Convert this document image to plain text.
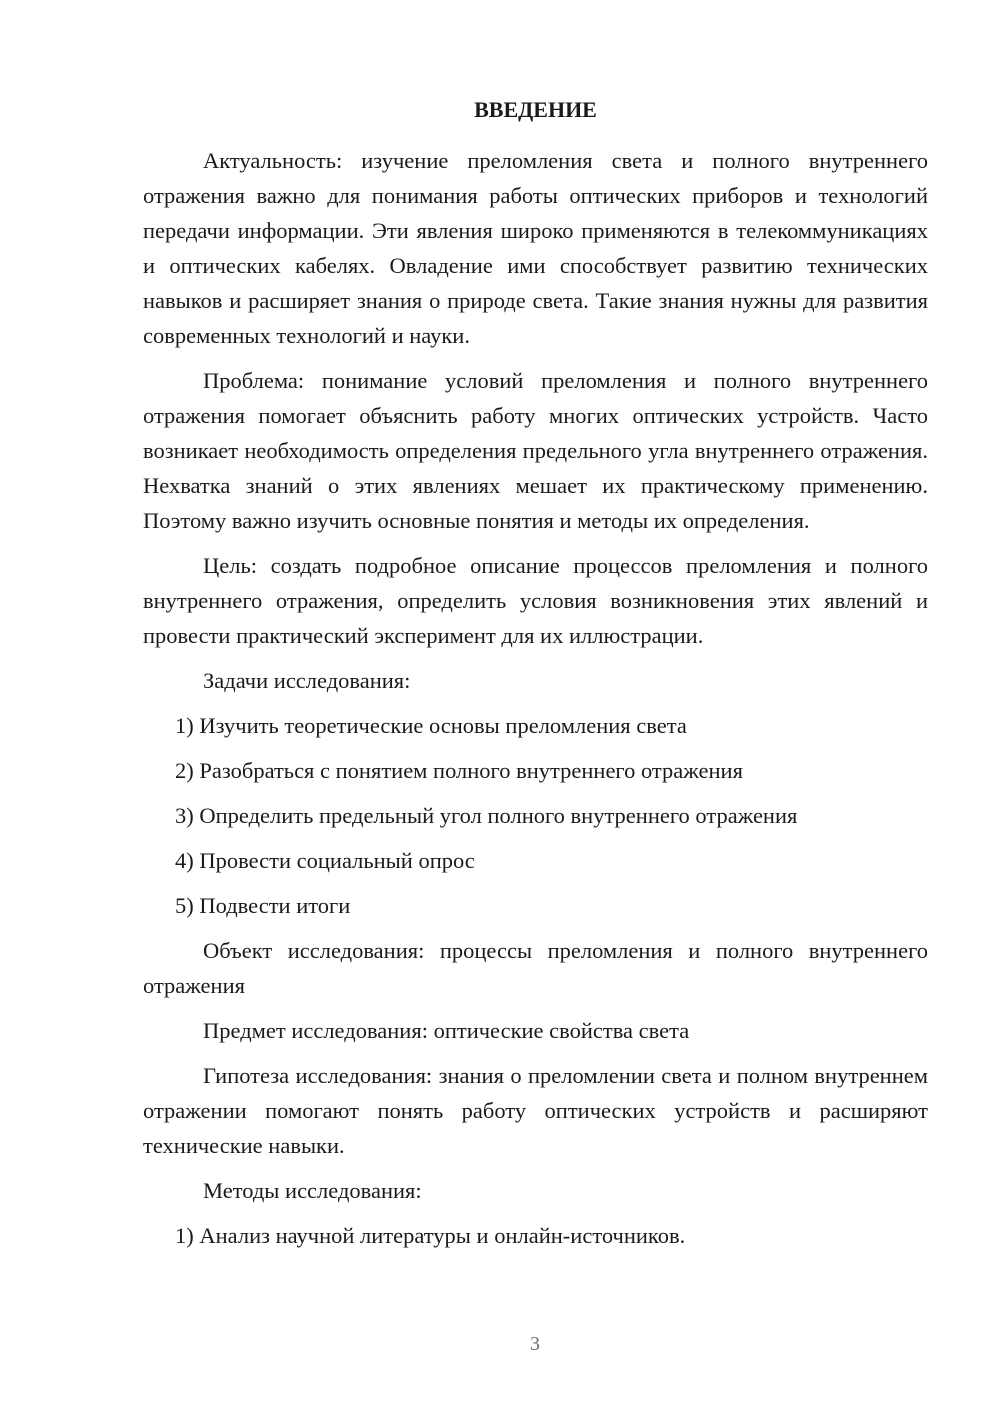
ВВЕДЕНИЕ

Актуальность: изучение преломления света и полного внутреннего отражения важно для понимания работы оптических приборов и технологий передачи информации. Эти явления широко применяются в телекоммуникациях и оптических кабелях. Овладение ими способствует развитию технических навыков и расширяет знания о природе света. Такие знания нужны для развития современных технологий и науки.

Проблема: понимание условий преломления и полного внутреннего отражения помогает объяснить работу многих оптических устройств. Часто возникает необходимость определения предельного угла внутреннего отражения. Нехватка знаний о этих явлениях мешает их практическому применению. Поэтому важно изучить основные понятия и методы их определения.

Цель: создать подробное описание процессов преломления и полного внутреннего отражения, определить условия возникновения этих явлений и провести практический эксперимент для их иллюстрации.

Задачи исследования:

1) Изучить теоретические основы преломления света
2) Разобраться с понятием полного внутреннего отражения
3) Определить предельный угол полного внутреннего отражения
4) Провести социальный опрос
5) Подвести итоги

Объект исследования: процессы преломления и полного внутреннего отражения

Предмет исследования: оптические свойства света

Гипотеза исследования: знания о преломлении света и полном внутреннем отражении помогают понять работу оптических устройств и расширяют технические навыки.

Методы исследования:

1) Анализ научной литературы и онлайн-источников.
3
